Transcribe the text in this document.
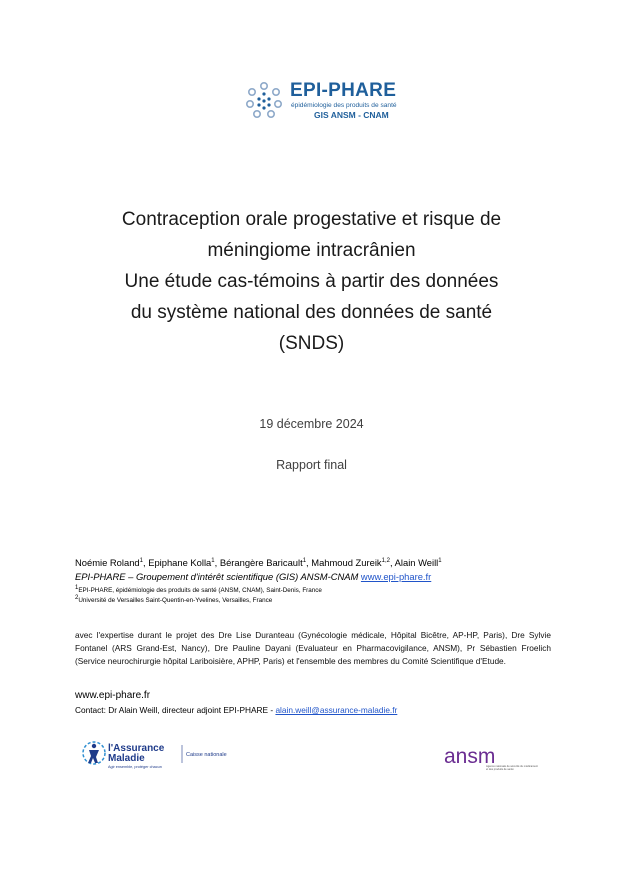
EPI-PHARE
épidémiologie des produits de santé
GIS ANSM - CNAM
Contraception orale progestative et risque de
méningiome intracrânien
Une étude cas-témoins à partir des données
du système national des données de santé
(SNDS)
19 décembre 2024
Rapport final
Noémie Roland$^1$, Epiphane Kolla$^1$, Bérangère Baricault$^1$, Mahmoud Zureik$^{1,2}$, Alain Weill$^1$
EPI-PHARE – Groupement d'intérêt scientifique (GIS) ANSM-CNAM www.epi-phare.fr
$^1$EPI-PHARE, épidémiologie des produits de santé (ANSM, CNAM), Saint-Denis, France
$^2$Université de Versailles Saint-Quentin-en-Yvelines, Versailles, France
avec l'expertise durant le projet des Dre Lise Duranteau (Gynécologie médicale, Hôpital Bicêtre, AP-HP, Paris), Dre Sylvie Fontanel (ARS Grand-Est, Nancy), Dre Pauline Dayani (Evaluateur en Pharmacovigilance, ANSM), Pr Sébastien Froelich (Service neurochirurgie hôpital Lariboisière, APHP, Paris) et l'ensemble des membres du Comité Scientifique d'Etude.
www.epi-phare.fr
Contact: Dr Alain Weill, directeur adjoint EPI-PHARE - alain.weill@assurance-maladie.fr
l'Assurance
Maladie
Agir ensemble, protéger chacun
Caisse nationale	ansm
Agence nationale de sécurité du médicament
et des produits de santé
